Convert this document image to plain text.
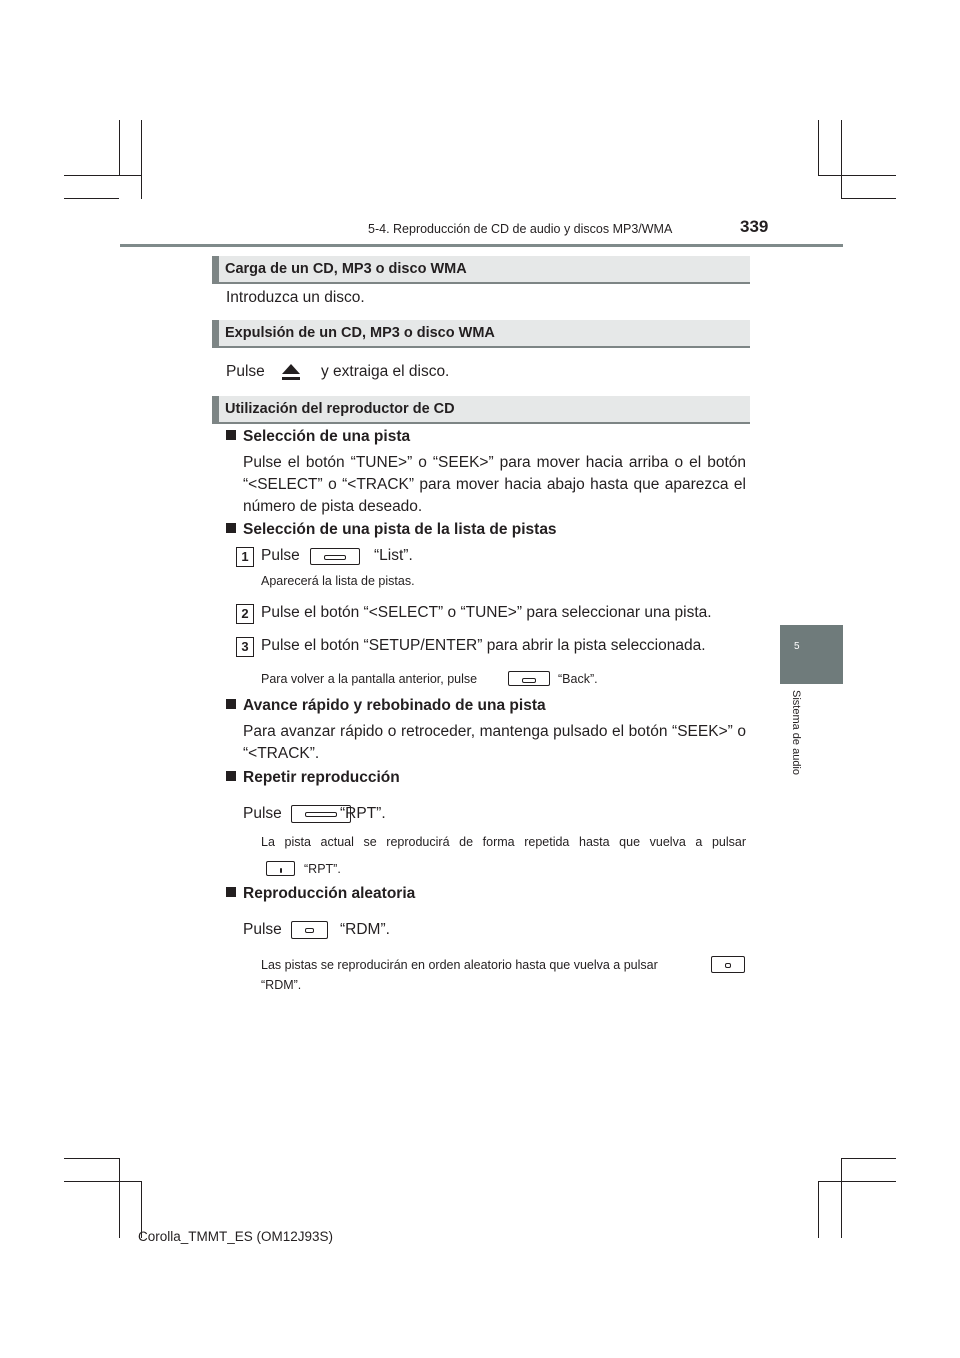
5-4. Reproducción de CD de audio y discos MP3/WMA	339
5
Sistema de audio
Carga de un CD, MP3 o disco WMA
Introduzca un disco.
Expulsión de un CD, MP3 o disco WMA
Pulse	y extraiga el disco.
Utilización del reproductor de CD
Selección de una pista
Pulse el botón “TUNE>” o “SEEK>” para mover hacia arriba o el botón
“<SELECT” o “<TRACK” para mover hacia abajo hasta que aparezca el
número de pista deseado.
Selección de una pista de la lista de pistas
1 Pulse	“List”.
Aparecerá la lista de pistas.
2 Pulse el botón “<SELECT” o “TUNE>” para seleccionar una pista.
3 Pulse el botón “SETUP/ENTER” para abrir la pista seleccionada.
Para volver a la pantalla anterior, pulse	“Back”.
Avance rápido y rebobinado de una pista
Para avanzar rápido o retroceder, mantenga pulsado el botón “SEEK>” o
“<TRACK”.
Repetir reproducción
Pulse	“RPT”.
La pista actual se reproducirá de forma repetida hasta que vuelva a pulsar
“RPT”.
Reproducción aleatoria
Pulse	“RDM”.
Las pistas se reproducirán en orden aleatorio hasta que vuelva a pulsar
“RDM”.
Corolla_TMMT_ES (OM12J93S)
